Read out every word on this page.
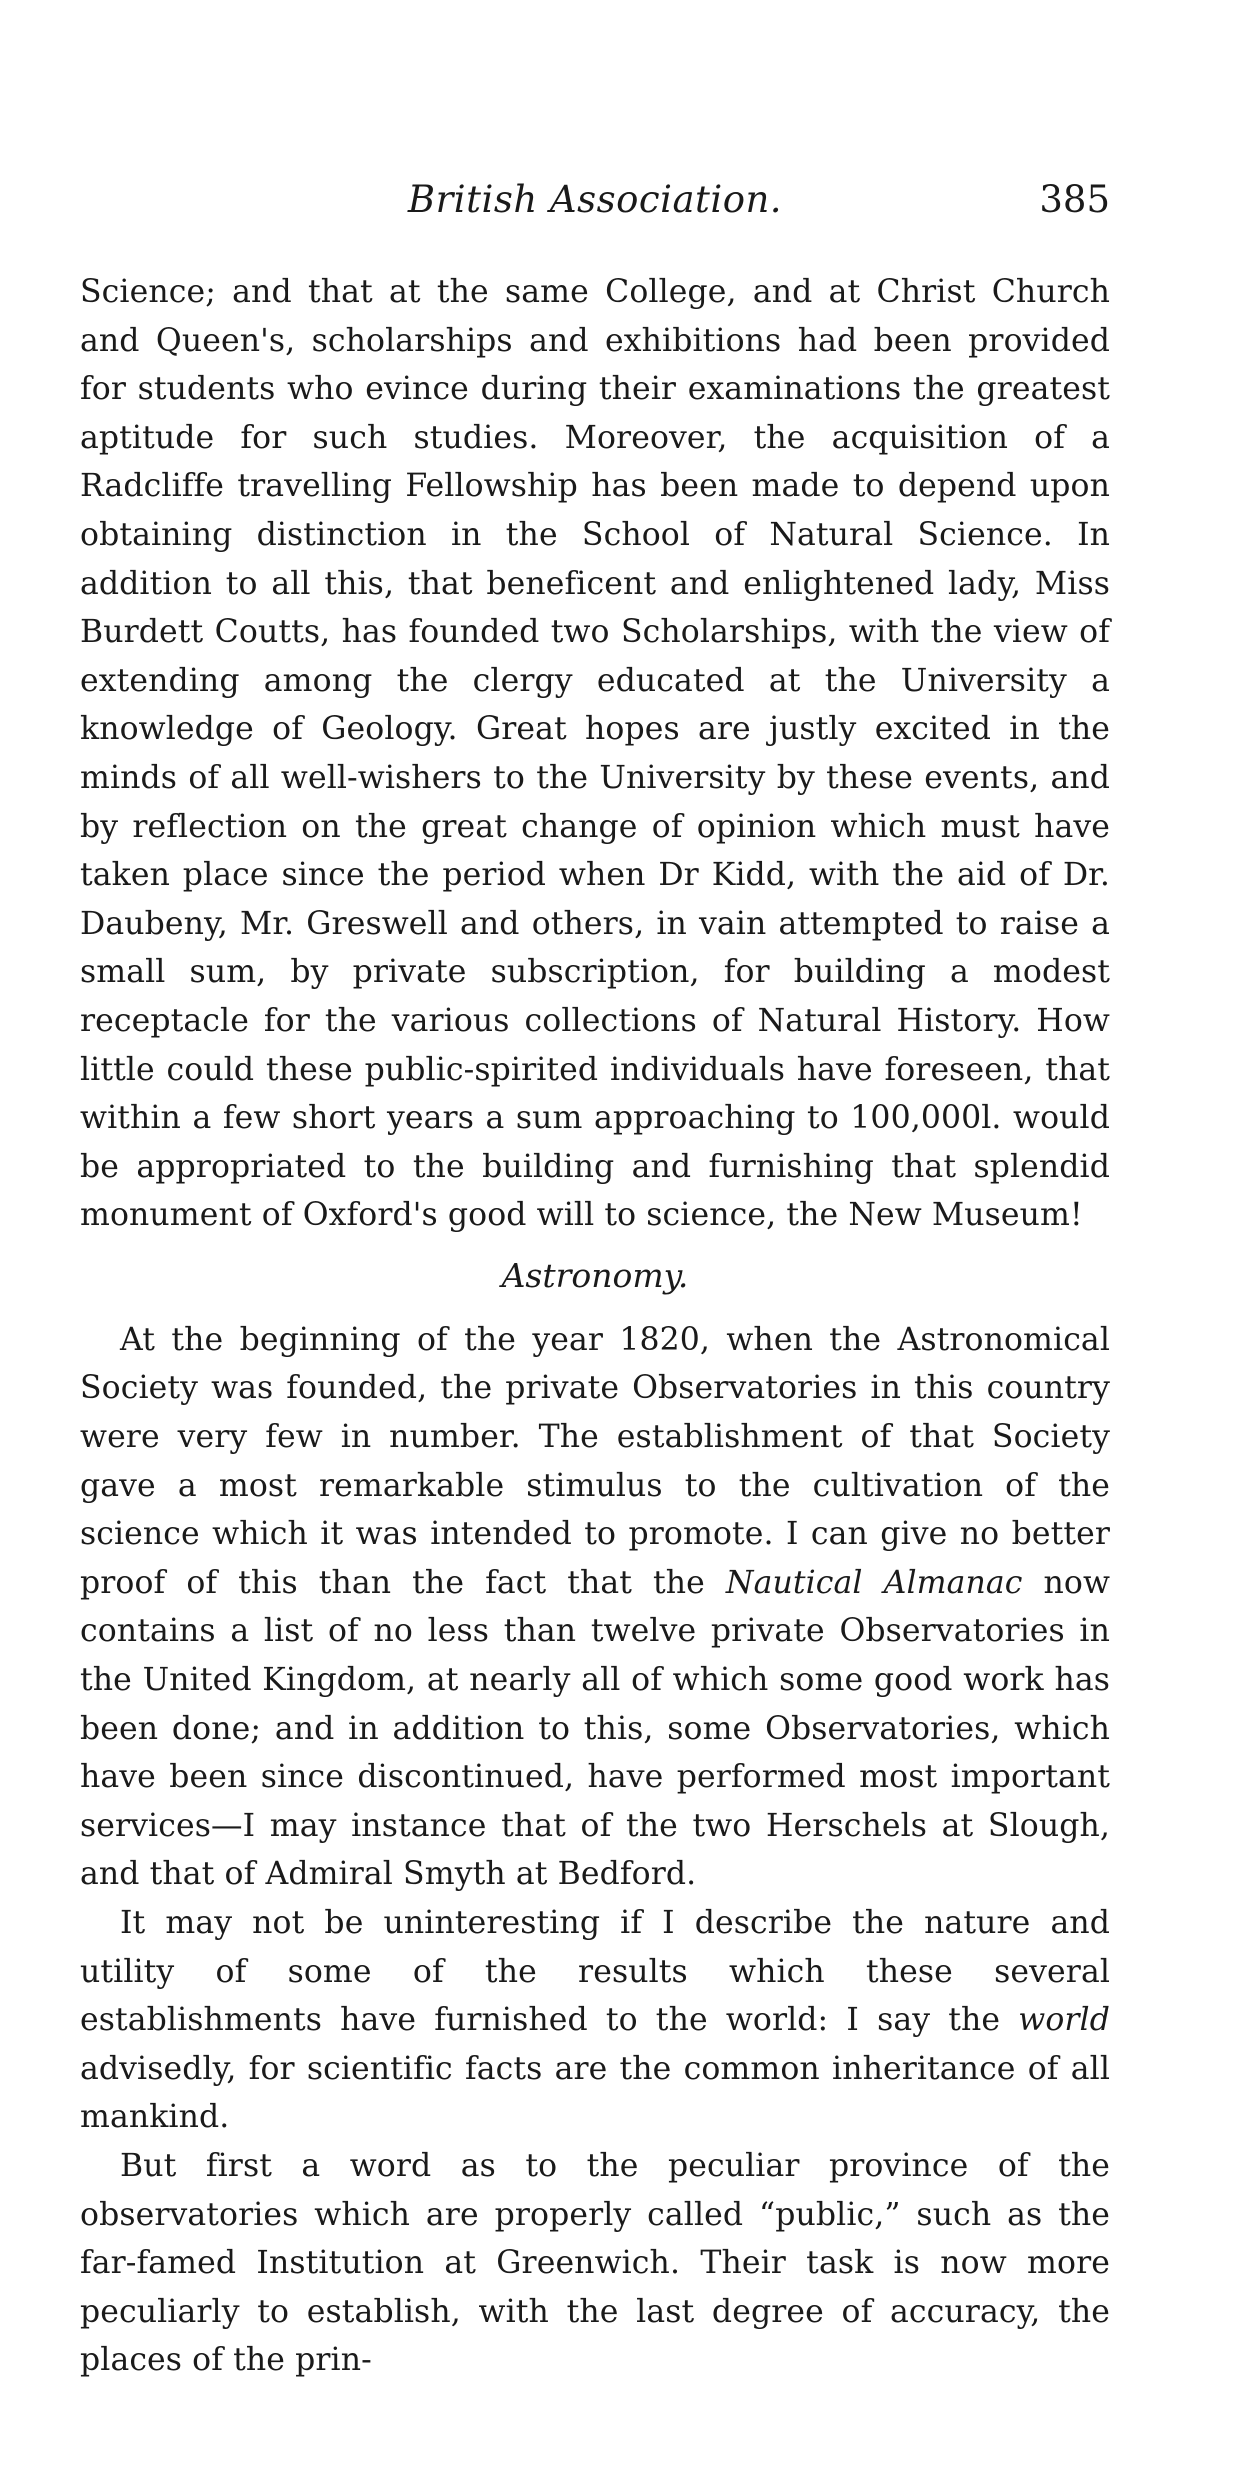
British Association.	385

Science; and that at the same College, and at Christ Church and Queen's, scholarships and exhibitions had been provided for students who evince during their examinations the greatest aptitude for such studies. Moreover, the acquisition of a Radcliffe travelling Fellowship has been made to depend upon obtaining distinction in the School of Natural Science. In addition to all this, that beneficent and enlightened lady, Miss Burdett Coutts, has founded two Scholarships, with the view of extending among the clergy educated at the University a knowledge of Geology. Great hopes are justly excited in the minds of all well-wishers to the University by these events, and by reflection on the great change of opinion which must have taken place since the period when Dr Kidd, with the aid of Dr. Daubeny, Mr. Greswell and others, in vain attempted to raise a small sum, by private subscription, for building a modest receptacle for the various collections of Natural History. How little could these public-spirited individuals have foreseen, that within a few short years a sum approaching to 100,000l. would be appropriated to the building and furnishing that splendid monument of Oxford's good will to science, the New Museum!

Astronomy.

At the beginning of the year 1820, when the Astronomical Society was founded, the private Observatories in this country were very few in number. The establishment of that Society gave a most remarkable stimulus to the cultivation of the science which it was intended to promote. I can give no better proof of this than the fact that the Nautical Almanac now contains a list of no less than twelve private Observatories in the United Kingdom, at nearly all of which some good work has been done; and in addition to this, some Observatories, which have been since discontinued, have performed most important services—I may instance that of the two Herschels at Slough, and that of Admiral Smyth at Bedford.

It may not be uninteresting if I describe the nature and utility of some of the results which these several establishments have furnished to the world: I say the world advisedly, for scientific facts are the common inheritance of all mankind.

But first a word as to the peculiar province of the observatories which are properly called “public,” such as the far-famed Institution at Greenwich. Their task is now more peculiarly to establish, with the last degree of accuracy, the places of the prin-
